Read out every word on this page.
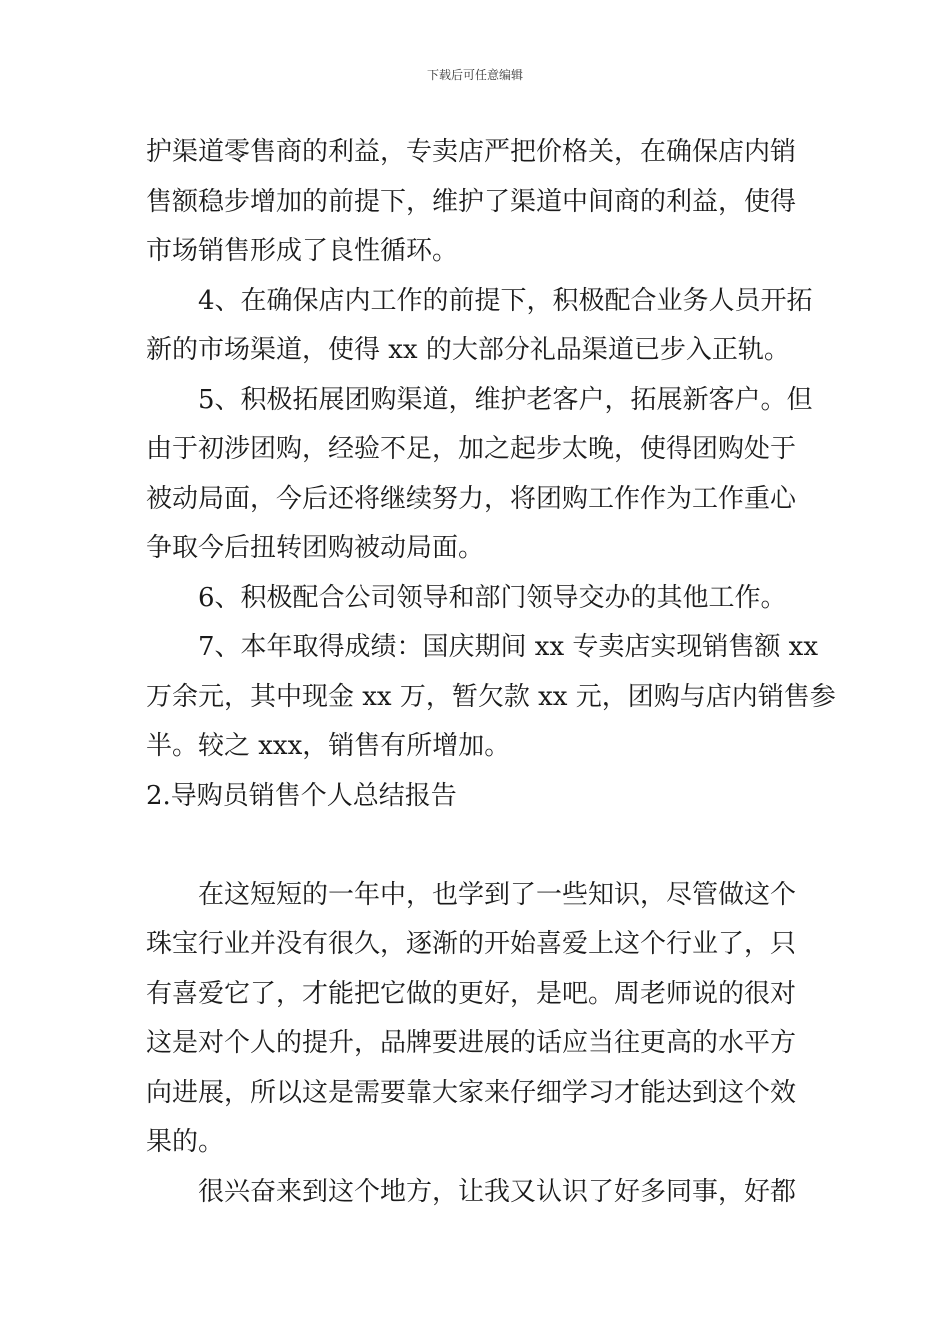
下载后可任意编辑
护渠道零售商的利益，专卖店严把价格关，在确保店内销
售额稳步增加的前提下，维护了渠道中间商的利益，使得
市场销售形成了良性循环。
4、在确保店内工作的前提下，积极配合业务人员开拓
新的市场渠道，使得 xx 的大部分礼品渠道已步入正轨。
5、积极拓展团购渠道，维护老客户，拓展新客户。但
由于初涉团购，经验不足，加之起步太晚，使得团购处于
被动局面，今后还将继续努力，将团购工作作为工作重心
争取今后扭转团购被动局面。
6、积极配合公司领导和部门领导交办的其他工作。
7、本年取得成绩：国庆期间 xx 专卖店实现销售额 xx
万余元，其中现金 xx 万，暂欠款 xx 元，团购与店内销售参
半。较之 xxx，销售有所增加。
2.导购员销售个人总结报告
在这短短的一年中，也学到了一些知识，尽管做这个
珠宝行业并没有很久，逐渐的开始喜爱上这个行业了，只
有喜爱它了，才能把它做的更好，是吧。周老师说的很对
这是对个人的提升，品牌要进展的话应当往更高的水平方
向进展，所以这是需要靠大家来仔细学习才能达到这个效
果的。
很兴奋来到这个地方，让我又认识了好多同事，好都
